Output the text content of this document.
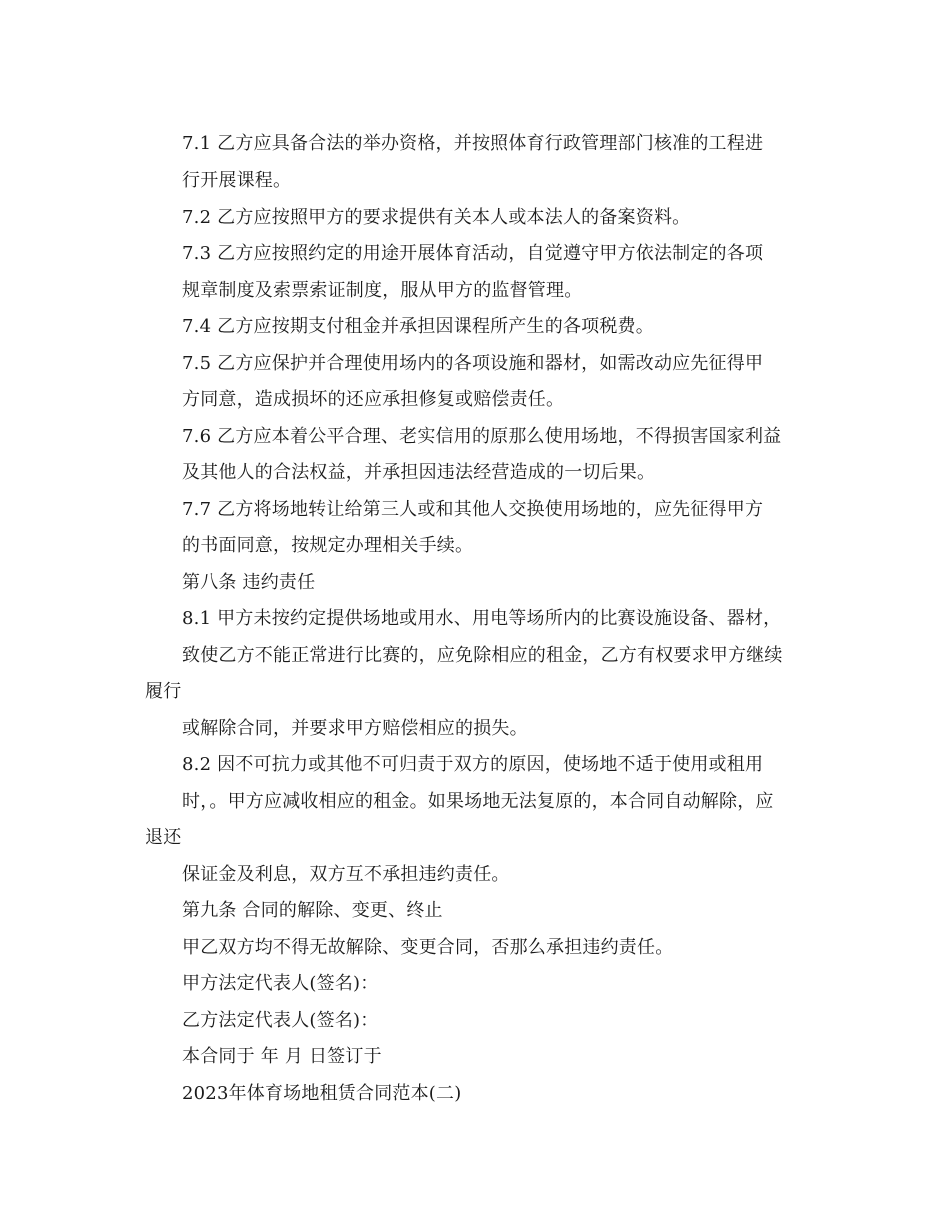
7.1 乙方应具备合法的举办资格，并按照体育行政管理部门核准的工程进
行开展课程。
7.2 乙方应按照甲方的要求提供有关本人或本法人的备案资料。
7.3 乙方应按照约定的用途开展体育活动，自觉遵守甲方依法制定的各项
规章制度及索票索证制度，服从甲方的监督管理。
7.4 乙方应按期支付租金并承担因课程所产生的各项税费。
7.5 乙方应保护并合理使用场内的各项设施和器材，如需改动应先征得甲
方同意，造成损坏的还应承担修复或赔偿责任。
7.6 乙方应本着公平合理、老实信用的原那么使用场地，不得损害国家利益
及其他人的合法权益，并承担因违法经营造成的一切后果。
7.7 乙方将场地转让给第三人或和其他人交换使用场地的，应先征得甲方
的书面同意，按规定办理相关手续。
第八条 违约责任
8.1 甲方未按约定提供场地或用水、用电等场所内的比赛设施设备、器材，
致使乙方不能正常进行比赛的，应免除相应的租金，乙方有权要求甲方继续
履行
或解除合同，并要求甲方赔偿相应的损失。
8.2 因不可抗力或其他不可归责于双方的原因，使场地不适于使用或租用
时，。甲方应减收相应的租金。如果场地无法复原的，本合同自动解除，应
退还
保证金及利息，双方互不承担违约责任。
第九条 合同的解除、变更、终止
甲乙双方均不得无故解除、变更合同，否那么承担违约责任。
甲方法定代表人(签名)：
乙方法定代表人(签名)：
本合同于 年 月 日签订于
2023年体育场地租赁合同范本(二)
